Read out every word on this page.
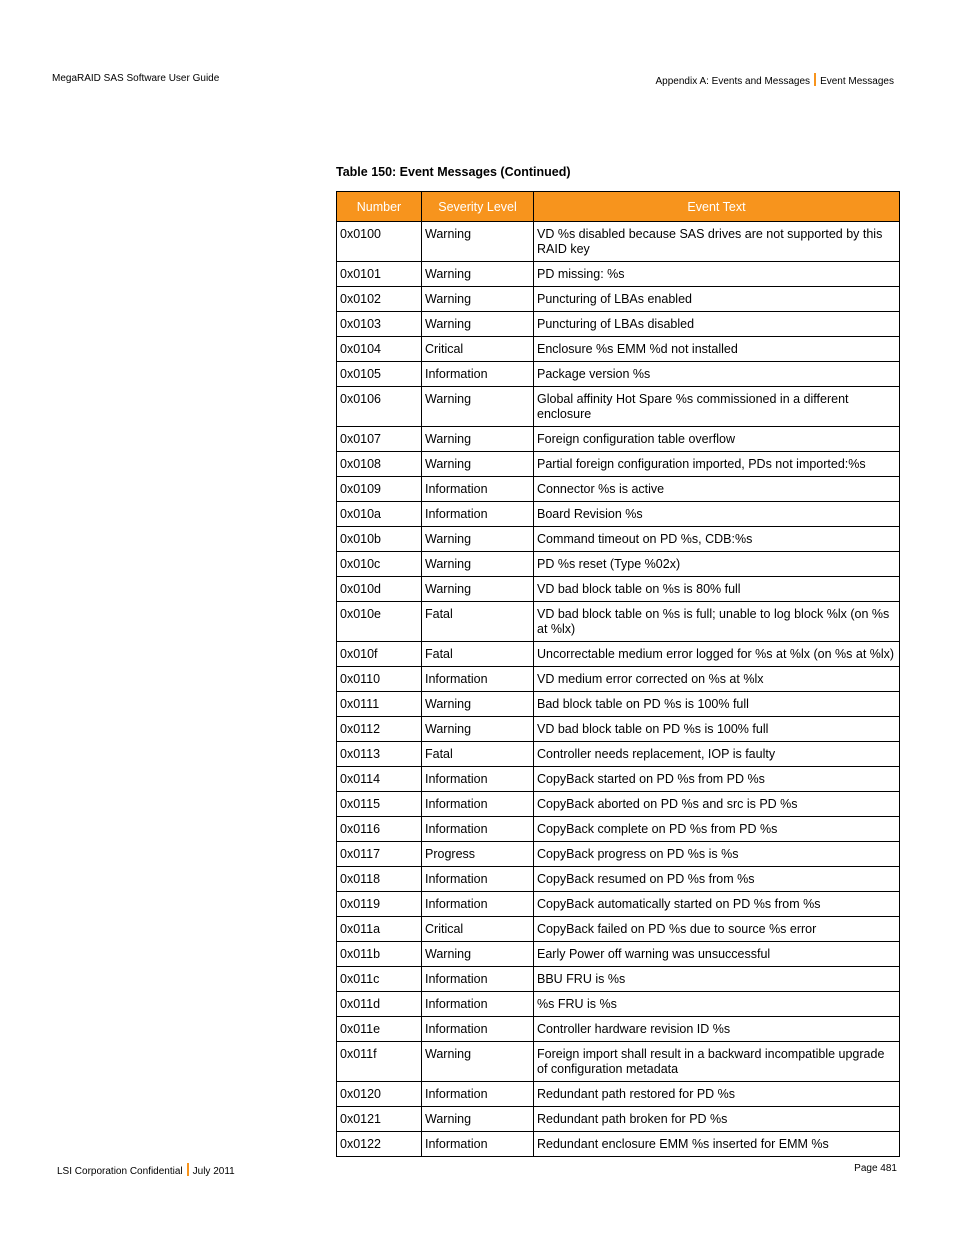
MegaRAID SAS Software User Guide	Appendix A: Events and Messages Event Messages
Table 150: Event Messages (Continued)
Number	Severity Level	Event Text
0x0100	Warning	VD %s disabled because SAS drives are not supported by this RAID key
0x0101	Warning	PD missing: %s
0x0102	Warning	Puncturing of LBAs enabled
0x0103	Warning	Puncturing of LBAs disabled
0x0104	Critical	Enclosure %s EMM %d not installed
0x0105	Information	Package version %s
0x0106	Warning	Global affinity Hot Spare %s commissioned in a different enclosure
0x0107	Warning	Foreign configuration table overflow
0x0108	Warning	Partial foreign configuration imported, PDs not imported:%s
0x0109	Information	Connector %s is active
0x010a	Information	Board Revision %s
0x010b	Warning	Command timeout on PD %s, CDB:%s
0x010c	Warning	PD %s reset (Type %02x)
0x010d	Warning	VD bad block table on %s is 80% full
0x010e	Fatal	VD bad block table on %s is full; unable to log block %lx (on %s at %lx)
0x010f	Fatal	Uncorrectable medium error logged for %s at %lx (on %s at %lx)
0x0110	Information	VD medium error corrected on %s at %lx
0x0111	Warning	Bad block table on PD %s is 100% full
0x0112	Warning	VD bad block table on PD %s is 100% full
0x0113	Fatal	Controller needs replacement, IOP is faulty
0x0114	Information	CopyBack started on PD %s from PD %s
0x0115	Information	CopyBack aborted on PD %s and src is PD %s
0x0116	Information	CopyBack complete on PD %s from PD %s
0x0117	Progress	CopyBack progress on PD %s is %s
0x0118	Information	CopyBack resumed on PD %s from %s
0x0119	Information	CopyBack automatically started on PD %s from %s
0x011a	Critical	CopyBack failed on PD %s due to source %s error
0x011b	Warning	Early Power off warning was unsuccessful
0x011c	Information	BBU FRU is %s
0x011d	Information	%s FRU is %s
0x011e	Information	Controller hardware revision ID %s
0x011f	Warning	Foreign import shall result in a backward incompatible upgrade of configuration metadata
0x0120	Information	Redundant path restored for PD %s
0x0121	Warning	Redundant path broken for PD %s
0x0122	Information	Redundant enclosure EMM %s inserted for EMM %s
LSI Corporation Confidential July 2011	Page 481
